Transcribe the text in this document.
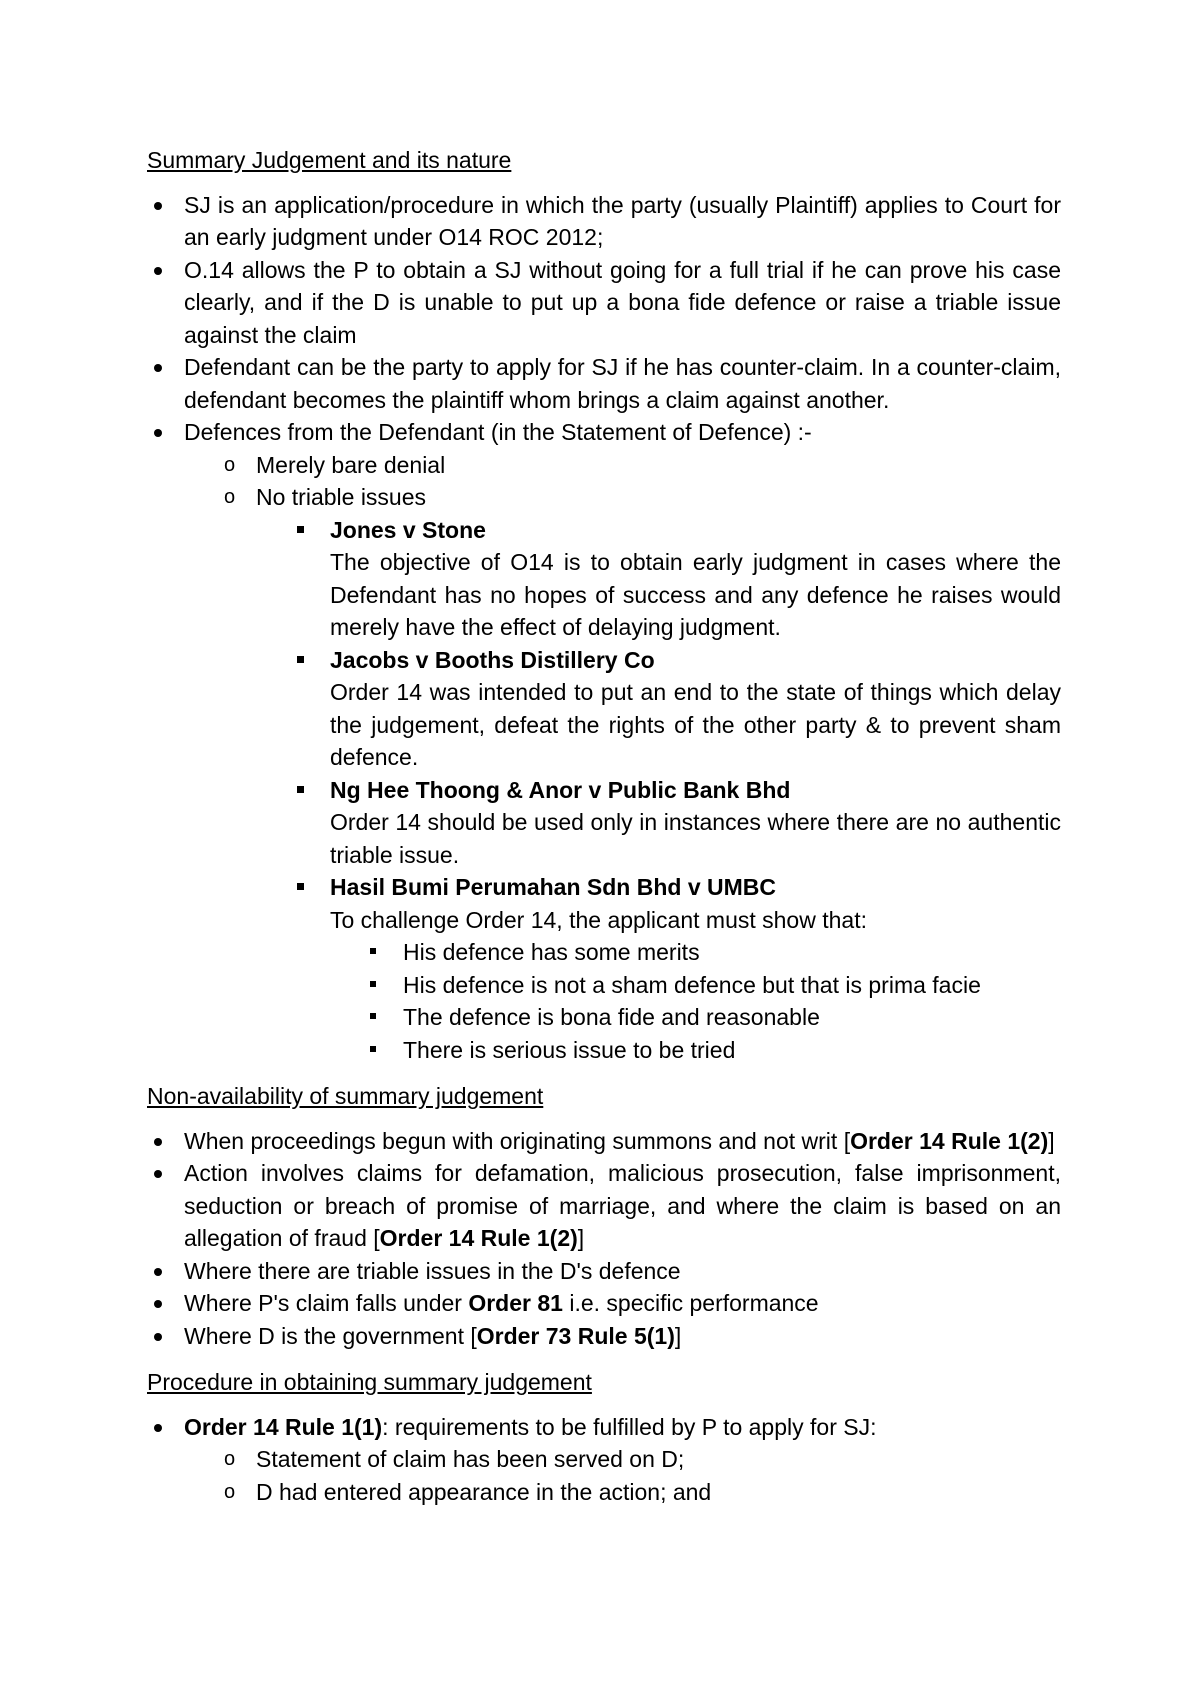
Summary Judgement and its nature
SJ is an application/procedure in which the party (usually Plaintiff) applies to Court for an early judgment under O14 ROC 2012;
O.14 allows the P to obtain a SJ without going for a full trial if he can prove his case clearly, and if the D is unable to put up a bona fide defence or raise a triable issue against the claim
Defendant can be the party to apply for SJ if he has counter-claim. In a counter-claim, defendant becomes the plaintiff whom brings a claim against another.
Defences from the Defendant (in the Statement of Defence) :-
o Merely bare denial
o No triable issues
Jones v Stone
The objective of O14 is to obtain early judgment in cases where the Defendant has no hopes of success and any defence he raises would merely have the effect of delaying judgment.
Jacobs v Booths Distillery Co
Order 14 was intended to put an end to the state of things which delay the judgement, defeat the rights of the other party & to prevent sham defence.
Ng Hee Thoong & Anor v Public Bank Bhd
Order 14 should be used only in instances where there are no authentic triable issue.
Hasil Bumi Perumahan Sdn Bhd v UMBC
To challenge Order 14, the applicant must show that:
His defence has some merits
His defence is not a sham defence but that is prima facie
The defence is bona fide and reasonable
There is serious issue to be tried
Non-availability of summary judgement
When proceedings begun with originating summons and not writ [Order 14 Rule 1(2)]
Action involves claims for defamation, malicious prosecution, false imprisonment, seduction or breach of promise of marriage, and where the claim is based on an allegation of fraud [Order 14 Rule 1(2)]
Where there are triable issues in the D's defence
Where P's claim falls under Order 81 i.e. specific performance
Where D is the government [Order 73 Rule 5(1)]
Procedure in obtaining summary judgement
Order 14 Rule 1(1): requirements to be fulfilled by P to apply for SJ:
o Statement of claim has been served on D;
o D had entered appearance in the action; and
